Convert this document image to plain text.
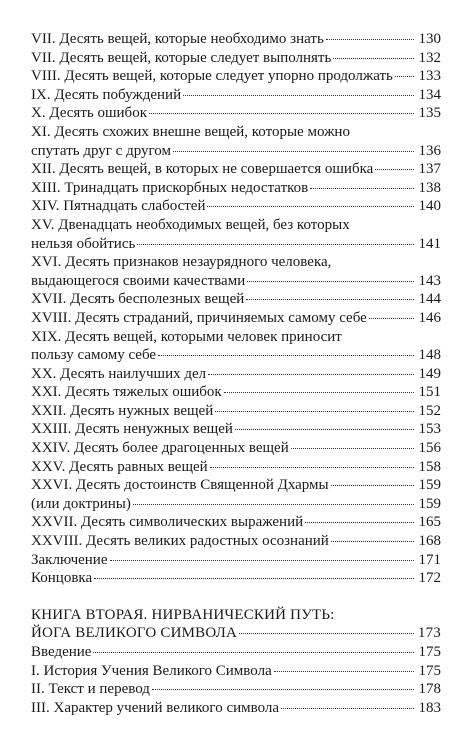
VII. Десять вещей, которые необходимо знать	130
VII. Десять вещей, которые следует выполнять	132
VIII. Десять вещей, которые следует упорно продолжать 133
IX. Десять побуждений	134
X. Десять ошибок	135
XI. Десять схожих внешне вещей, которые можно
спутать друг с другом	136
XII. Десять вещей, в которых не совершается ошибка	137
XIII. Тринадцать прискорбных недостатков	138
XIV. Пятнадцать слабостей	140
XV. Двенадцать необходимых вещей, без которых
нельзя обойтись	141
XVI. Десять признаков незаурядного человека,
выдающегося своими качествами	143
XVII. Десять бесполезных вещей	144
XVIII. Десять страданий, причиняемых самому себе	146
XIX. Десять вещей, которыми человек приносит
пользу самому себе	148
XX. Десять наилучших дел	149
XXI. Десять тяжелых ошибок	151
XXII. Десять нужных вещей	152
XXIII. Десять ненужных вещей	153
XXIV. Десять более драгоценных вещей	156
XXV. Десять равных вещей	158
XXVI. Десять достоинств Священной Дхармы	159
(или доктрины)	159
XXVII. Десять символических выражений	165
XXVIII. Десять великих радостных осознаний	168
Заключение	171
Концовка	172
КНИГА ВТОРАЯ. НИРВАНИЧЕСКИЙ ПУТЬ:
ЙОГА ВЕЛИКОГО СИМВОЛА	173
Введение	175
I. История Учения Великого Символа	175
II. Текст и перевод	178
III. Характер учений великого символа	183
